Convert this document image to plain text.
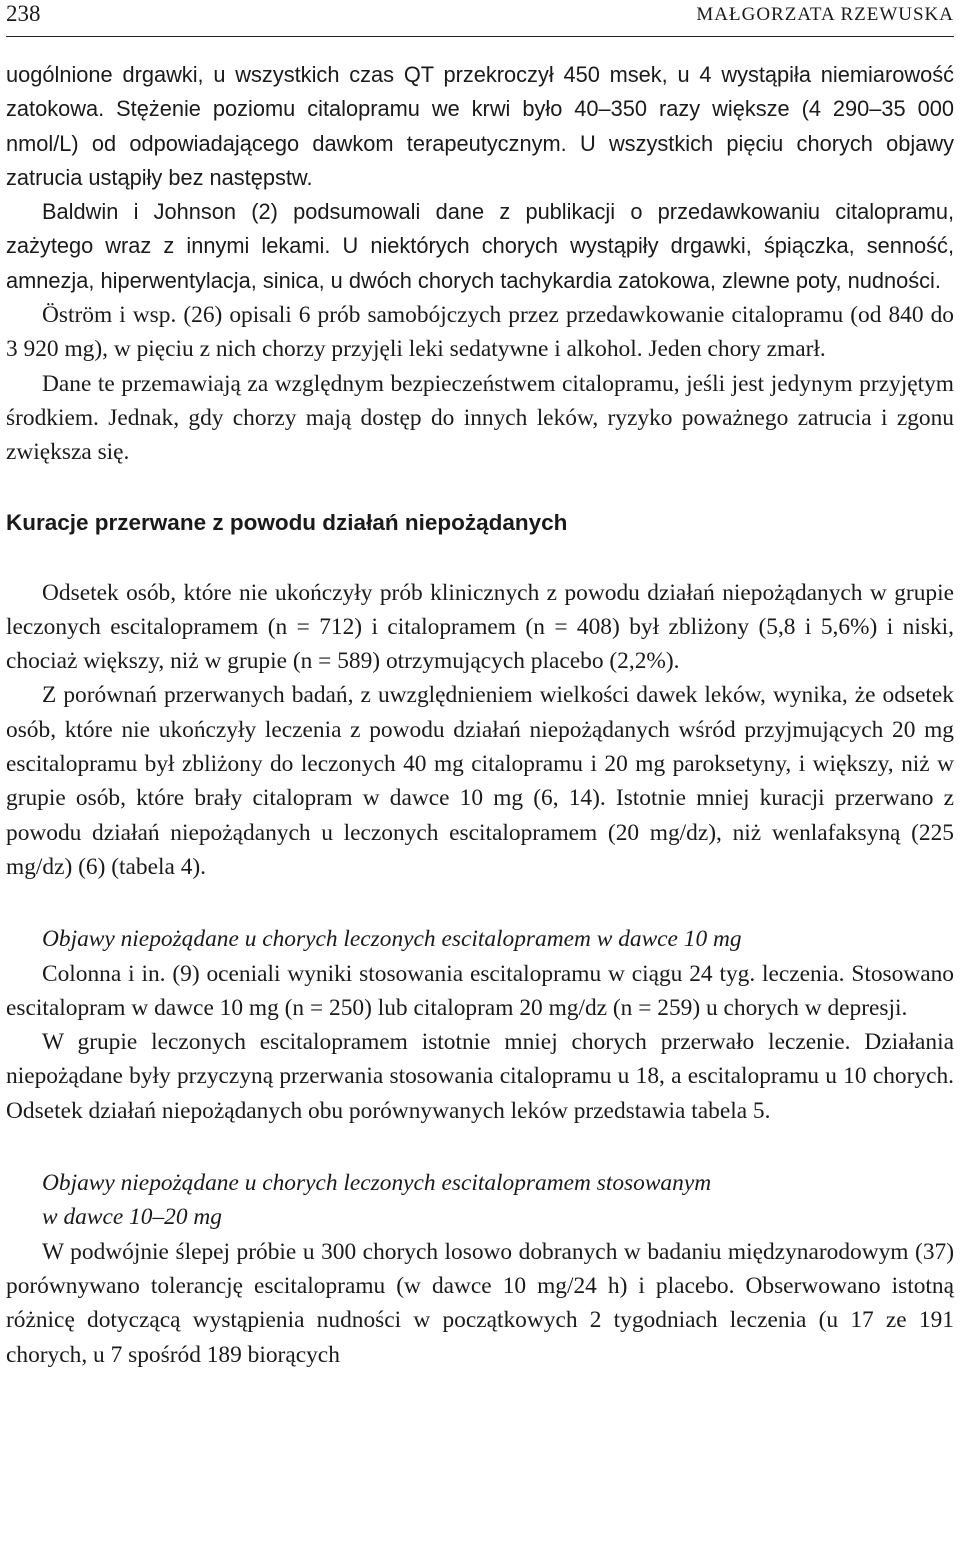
238	MAŁGORZATA RZEWUSKA

uogólnione drgawki, u wszystkich czas QT przekroczył 450 msek, u 4 wystąpiła niemiarowość zatokowa. Stężenie poziomu citalopramu we krwi było 40–350 razy większe (4 290–35 000 nmol/L) od odpowiadającego dawkom terapeutycznym. U wszystkich pięciu chorych objawy zatrucia ustąpiły bez następstw.

Baldwin i Johnson (2) podsumowali dane z publikacji o przedawkowaniu citalopramu, zażytego wraz z innymi lekami. U niektórych chorych wystąpiły drgawki, śpiączka, senność, amnezja, hiperwentylacja, sinica, u dwóch chorych tachykardia zatokowa, zlewne poty, nudności.

Öström i wsp. (26) opisali 6 prób samobójczych przez przedawkowanie citalopramu (od 840 do 3 920 mg), w pięciu z nich chorzy przyjęli leki sedatywne i alkohol. Jeden chory zmarł.

Dane te przemawiają za względnym bezpieczeństwem citalopramu, jeśli jest jedynym przyjętym środkiem. Jednak, gdy chorzy mają dostęp do innych leków, ryzyko poważnego zatrucia i zgonu zwiększa się.

Kuracje przerwane z powodu działań niepożądanych

Odsetek osób, które nie ukończyły prób klinicznych z powodu działań niepożądanych w grupie leczonych escitalopramem (n = 712) i citalopramem (n = 408) był zbliżony (5,8 i 5,6%) i niski, chociaż większy, niż w grupie (n = 589) otrzymujących placebo (2,2%).

Z porównań przerwanych badań, z uwzględnieniem wielkości dawek leków, wynika, że odsetek osób, które nie ukończyły leczenia z powodu działań niepożądanych wśród przyjmujących 20 mg escitalopramu był zbliżony do leczonych 40 mg citalopramu i 20 mg paroksetyny, i większy, niż w grupie osób, które brały citalopram w dawce 10 mg (6, 14). Istotnie mniej kuracji przerwano z powodu działań niepożądanych u leczonych escitalopramem (20 mg/dz), niż wenlafaksyną (225 mg/dz) (6) (tabela 4).

Objawy niepożądane u chorych leczonych escitalopramem w dawce 10 mg

Colonna i in. (9) oceniali wyniki stosowania escitalopramu w ciągu 24 tyg. leczenia. Stosowano escitalopram w dawce 10 mg (n = 250) lub citalopram 20 mg/dz (n = 259) u chorych w depresji.

W grupie leczonych escitalopramem istotnie mniej chorych przerwało leczenie. Działania niepożądane były przyczyną przerwania stosowania citalopramu u 18, a escitalopramu u 10 chorych. Odsetek działań niepożądanych obu porównywanych leków przedstawia tabela 5.

Objawy niepożądane u chorych leczonych escitalopramem stosowanym
w dawce 10–20 mg

W podwójnie ślepej próbie u 300 chorych losowo dobranych w badaniu międzynarodowym (37) porównywano tolerancję escitalopramu (w dawce 10 mg/24 h) i placebo. Obserwowano istotną różnicę dotyczącą wystąpienia nudności w początkowych 2 tygodniach leczenia (u 17 ze 191 chorych, u 7 spośród 189 biorących
